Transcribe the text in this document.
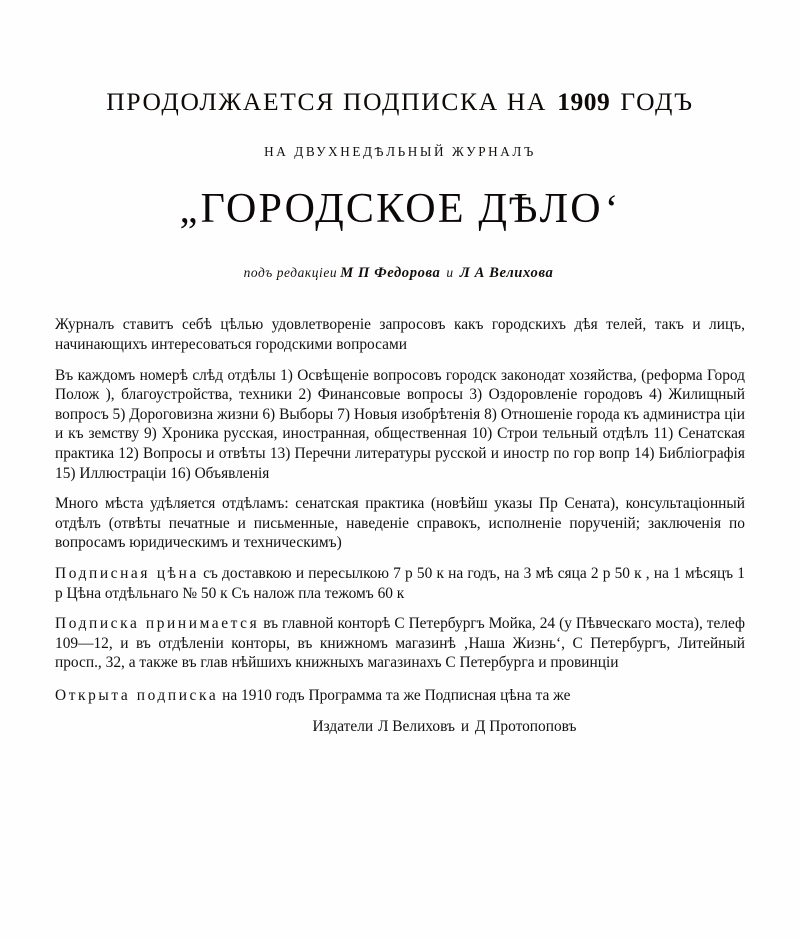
ПРОДОЛЖАЕТСЯ ПОДПИСКА НА 1909 ГОДЪ
НА ДВУХНЕДѢЛЬНЫЙ ЖУРНАЛЪ
„ГОРОДСКОЕ ДѢЛО‘
подъ редакціеи М П Федорова и Л А Велихова

Журналъ ставитъ себѣ цѣлью удовлетворенiе запросовъ какъ городскихъ дѣя телей, такъ и лицъ, начинающихъ интересоваться городскими вопросами

Въ каждомъ номерѣ слѣд отдѣлы 1) Освѣщеніе вопросовъ городск законодат хозяйства, (реформа Город Полож ), благоустройства, техники 2) Финансовые вопросы 3) Оздоровленіе городовъ 4) Жилищный вопросъ 5) Дороговизна жизни 6) Выборы 7) Новыя изобрѣтенія 8) Отношеніе города къ администра ціи и къ земству 9) Хроника русская, иностранная, общественная 10) Строи тельный отдѣлъ 11) Сенатская практика 12) Вопросы и отвѣты 13) Перечни литературы русской и иностр по гор вопр 14) Библіографія 15) Иллюстраціи 16) Объявленія

Много мѣста удѣляется отдѣламъ: сенатская практика (новѣйш указы Пр Сената), консультаціонный отдѣлъ (отвѣты печатные и письменные, наведеніе справокъ, исполненіе порученій; заключенія по вопросамъ юридическимъ и техническимъ)

Подписная цѣна съ доставкою и пересылкою 7 р 50 к на годъ, на 3 мѣ сяца 2 р 50 к , на 1 мѣсяцъ 1 р Цѣна отдѣльнаго № 50 к Съ налож пла тежомъ 60 к

Подписка принимается въ главной конторѣ С Петербургъ Мойка, 24 (у Пѣвческаго моста), телеф 109—12, и въ отдѣленіи конторы, въ книжномъ магазинѣ ‚Наша Жизнь‘, С Петербургъ, Литейный просп., 32, а также въ глав нѣйшихъ книжныхъ магазинахъ С Петербурга и провинціи

Открыта подписка на 1910 годъ Программа та же Подписная цѣна та же

Издатели Л Велиховъ и Д Протопоповъ
